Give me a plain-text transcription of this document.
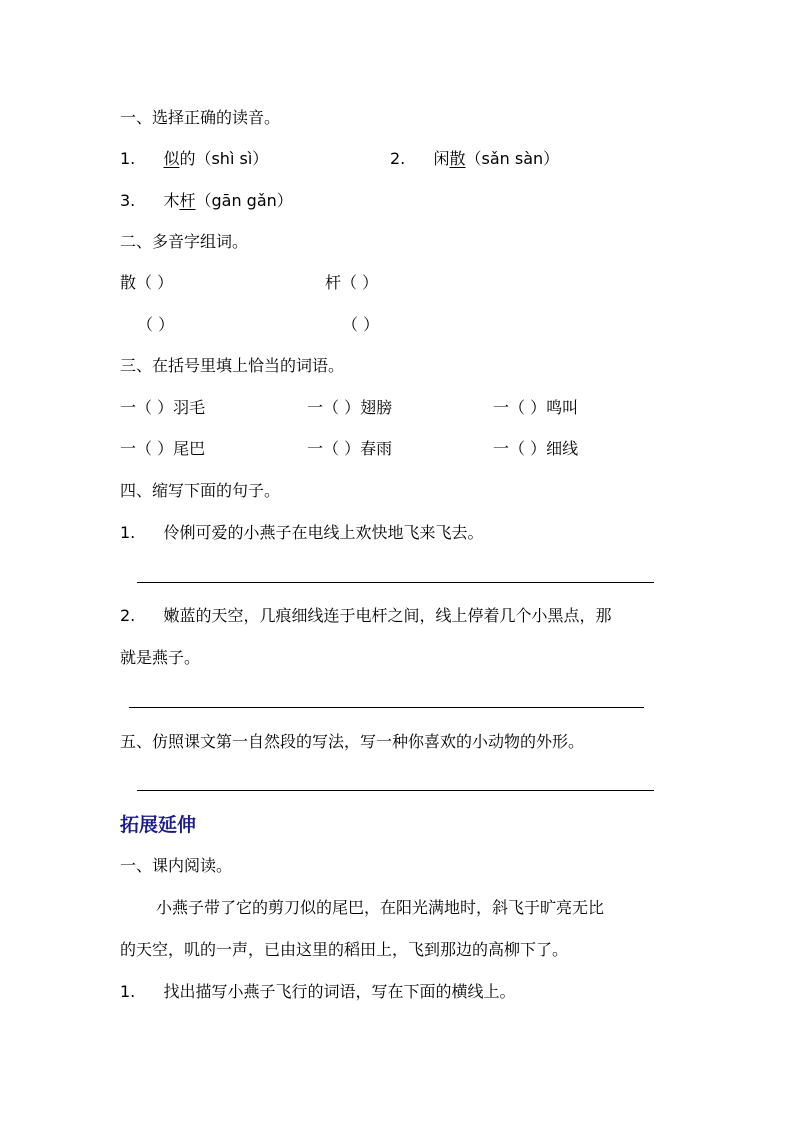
一、选择正确的读音。
1. 似的（shì sì）	2. 闲散（sǎn sàn）
3. 木杆（gān gǎn）
二、多音字组词。
散（ ）	杆（ ）
（ ）	（ ）
三、在括号里填上恰当的词语。
一（ ）羽毛	一（ ）翅膀	一（ ）鸣叫
一（ ）尾巴	一（ ）春雨	一（ ）细线
四、缩写下面的句子。
1. 伶俐可爱的小燕子在电线上欢快地飞来飞去。
2. 嫩蓝的天空，几痕细线连于电杆之间，线上停着几个小黑点，那
就是燕子。
五、仿照课文第一自然段的写法，写一种你喜欢的小动物的外形。
拓展延伸
一、课内阅读。
小燕子带了它的剪刀似的尾巴，在阳光满地时，斜飞于旷亮无比
的天空，叽的一声，已由这里的稻田上，飞到那边的高柳下了。
1. 找出描写小燕子飞行的词语，写在下面的横线上。
